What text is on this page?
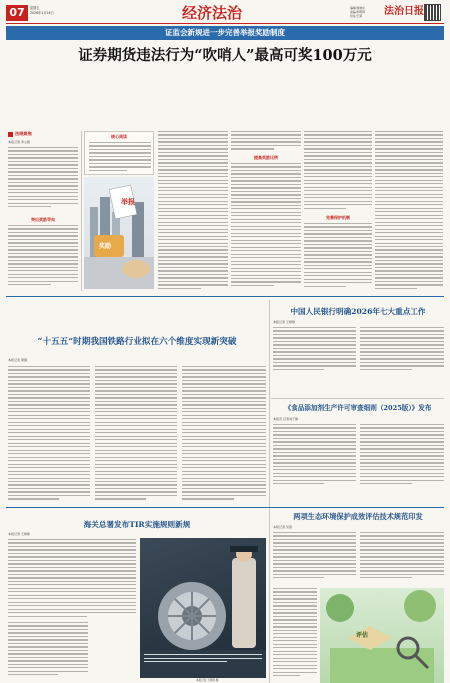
07	星期五
2026年1月16日	经济法治	编辑/徐晓东
美编/李明辉
校对/王婷 法治日报
证监会新规进一步完善举报奖励制度
证券期货违法行为“吹哨人”最高可奖100万元
法眼聚焦
本报记者 李立娟
突出奖励导向
核心阅读
举报
奖励
提高奖励比例
完善保护机制
“十五五”时期我国铁路行业拟在六个维度实现新突破
本报记者 周围
中国人民银行明确2026年七大重点工作
本报记者 王婷婷
《食品添加剂生产许可审查细则（2025版）》发布
本报讯 记者刘子健
两项生态环境保护成效评估技术规范印发
本报记者 吴蓓
评估
海关总署发布TIR实施规则新规
本报记者 王婷婷
本报记者 王婷婷 摄
